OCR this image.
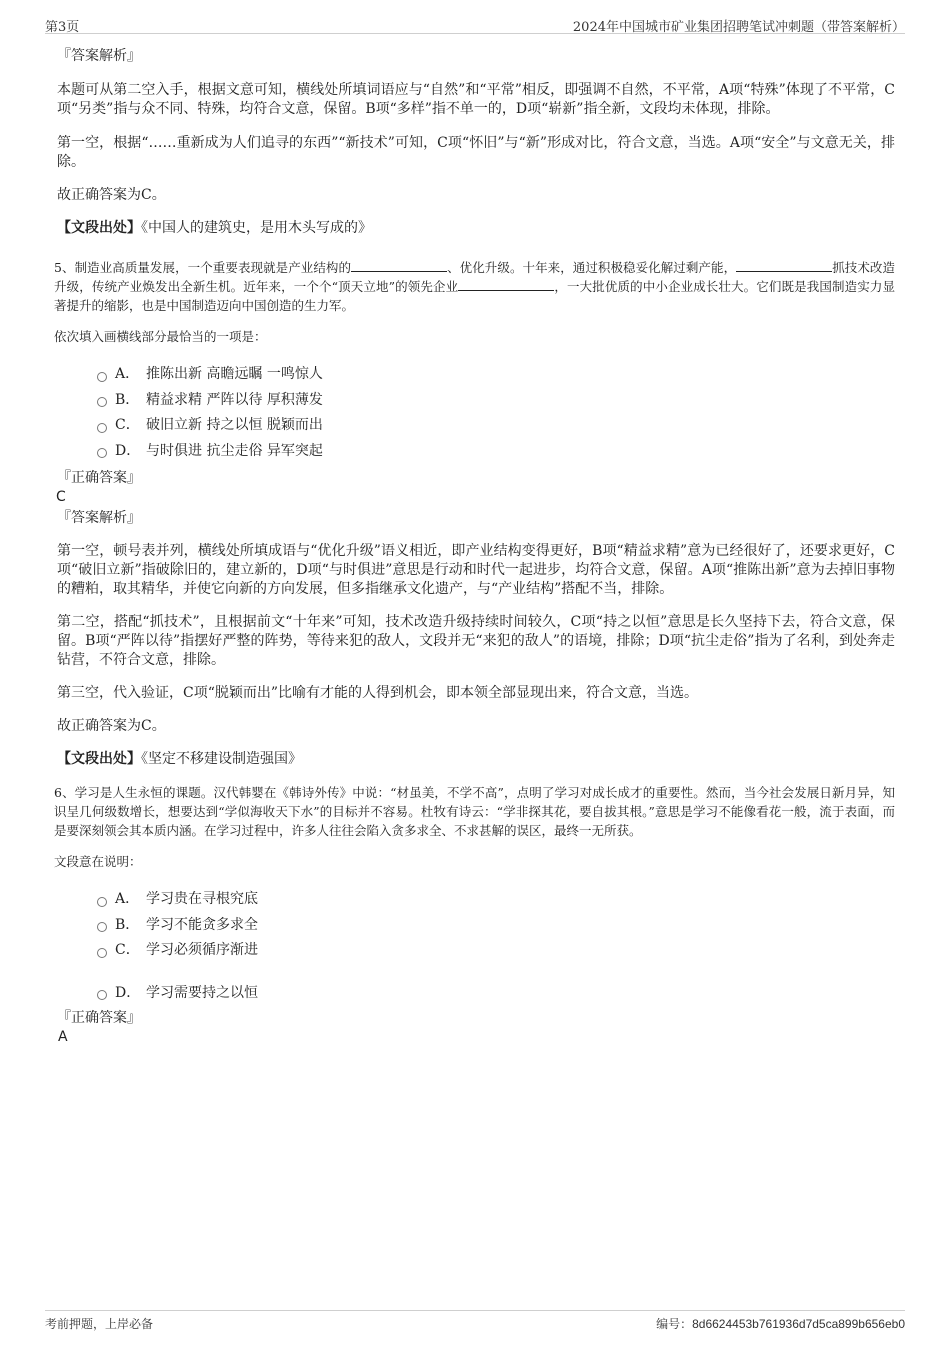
第3页	2024年中国城市矿业集团招聘笔试冲刺题（带答案解析）
『答案解析』
本题可从第二空入手，根据文意可知，横线处所填词语应与“自然”和“平常”相反，即强调不自然，不平常，A项“特殊”体现了不平常，C项“另类”指与众不同、特殊，均符合文意，保留。B项“多样”指不单一的，D项“崭新”指全新，文段均未体现，排除。
第一空，根据“……重新成为人们追寻的东西”“新技术”可知，C项“怀旧”与“新”形成对比，符合文意，当选。A项“安全”与文意无关，排除。
故正确答案为C。
【文段出处】《中国人的建筑史，是用木头写成的》
5、制造业高质量发展，一个重要表现就是产业结构的	、优化升级。十年来，通过积极稳妥化解过剩产能，	抓技术改造升级，传统产业焕发出全新生机。近年来，一个个“顶天立地”的领先企业	，一大批优质的中小企业成长壮大。它们既是我国制造实力显著提升的缩影，也是中国制造迈向中国创造的生力军。
依次填入画横线部分最恰当的一项是：
A． 推陈出新 高瞻远瞩 一鸣惊人
B． 精益求精 严阵以待 厚积薄发
C． 破旧立新 持之以恒 脱颖而出
D． 与时俱进 抗尘走俗 异军突起
『正确答案』
C
『答案解析』
第一空，顿号表并列，横线处所填成语与“优化升级”语义相近，即产业结构变得更好，B项“精益求精”意为已经很好了，还要求更好，C项“破旧立新”指破除旧的，建立新的，D项“与时俱进”意思是行动和时代一起进步，均符合文意，保留。A项“推陈出新”意为去掉旧事物的糟粕，取其精华，并使它向新的方向发展，但多指继承文化遗产，与“产业结构”搭配不当，排除。
第二空，搭配“抓技术”，且根据前文“十年来”可知，技术改造升级持续时间较久，C项“持之以恒”意思是长久坚持下去，符合文意，保留。B项“严阵以待”指摆好严整的阵势，等待来犯的敌人，文段并无“来犯的敌人”的语境，排除；D项“抗尘走俗”指为了名利，到处奔走钻营，不符合文意，排除。
第三空，代入验证，C项“脱颖而出”比喻有才能的人得到机会，即本领全部显现出来，符合文意，当选。
故正确答案为C。
【文段出处】《坚定不移建设制造强国》
6、学习是人生永恒的课题。汉代韩婴在《韩诗外传》中说：“材虽美，不学不高”，点明了学习对成长成才的重要性。然而，当今社会发展日新月异，知识呈几何级数增长，想要达到“学似海收天下水”的目标并不容易。杜牧有诗云：“学非探其花，要自拔其根。”意思是学习不能像看花一般，流于表面，而是要深刻领会其本质内涵。在学习过程中，许多人往往会陷入贪多求全、不求甚解的误区，最终一无所获。
文段意在说明：
A． 学习贵在寻根究底
B． 学习不能贪多求全
C． 学习必须循序渐进
D． 学习需要持之以恒
『正确答案』
A
考前押题，上岸必备	编号：8d6624453b761936d7d5ca899b656eb0
